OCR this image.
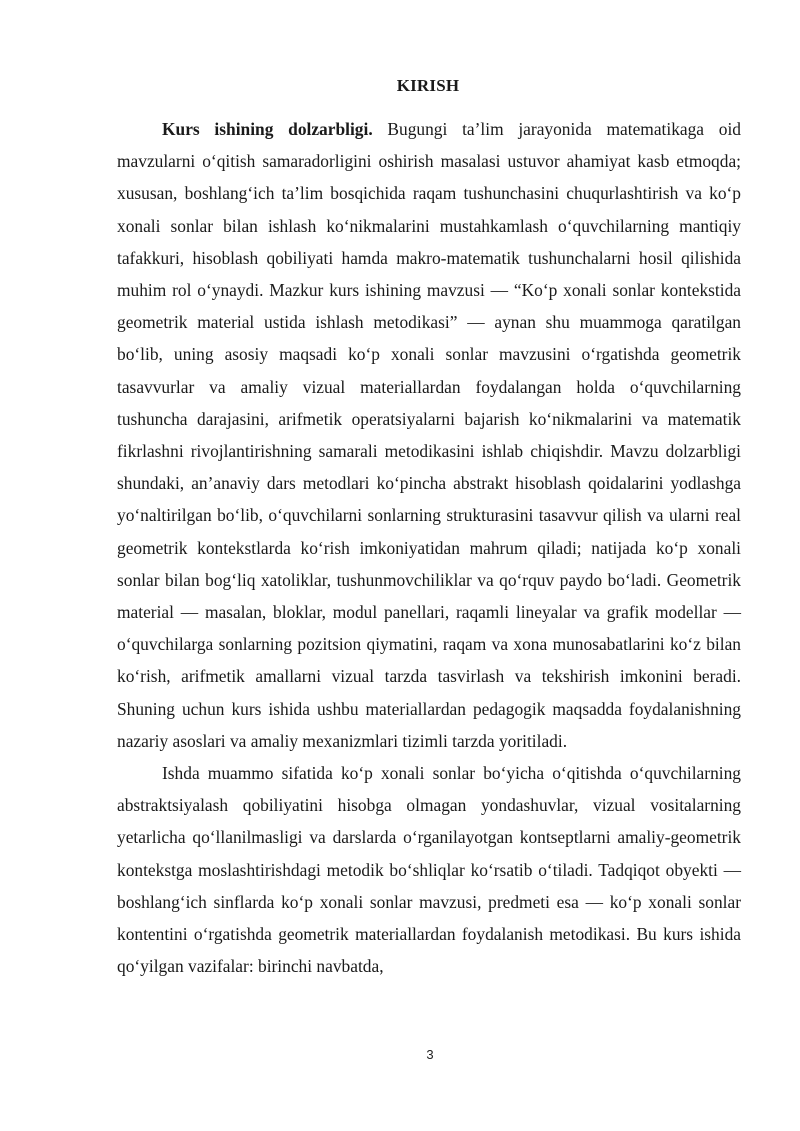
KIRISH

Kurs ishining dolzarbligi. Bugungi ta’lim jarayonida matematikaga oid mavzularni o‘qitish samaradorligini oshirish masalasi ustuvor ahamiyat kasb etmoqda; xususan, boshlang‘ich ta’lim bosqichida raqam tushunchasini chuqurlashtirish va ko‘p xonali sonlar bilan ishlash ko‘nikmalarini mustahkamlash o‘quvchilarning mantiqiy tafakkuri, hisoblash qobiliyati hamda makro-matematik tushunchalarni hosil qilishida muhim rol o‘ynaydi. Mazkur kurs ishining mavzusi — “Ko‘p xonali sonlar kontekstida geometrik material ustida ishlash metodikasi” — aynan shu muammoga qaratilgan bo‘lib, uning asosiy maqsadi ko‘p xonali sonlar mavzusini o‘rgatishda geometrik tasavvurlar va amaliy vizual materiallardan foydalangan holda o‘quvchilarning tushuncha darajasini, arifmetik operatsiyalarni bajarish ko‘nikmalarini va matematik fikrlashni rivojlantirishning samarali metodikasini ishlab chiqishdir. Mavzu dolzarbligi shundaki, an’anaviy dars metodlari ko‘pincha abstrakt hisoblash qoidalarini yodlashga yo‘naltirilgan bo‘lib, o‘quvchilarni sonlarning strukturasini tasavvur qilish va ularni real geometrik kontekstlarda ko‘rish imkoniyatidan mahrum qiladi; natijada ko‘p xonali sonlar bilan bog‘liq xatoliklar, tushunmovchiliklar va qo‘rquv paydo bo‘ladi. Geometrik material — masalan, bloklar, modul panellari, raqamli lineyalar va grafik modellar — o‘quvchilarga sonlarning pozitsion qiymatini, raqam va xona munosabatlarini ko‘z bilan ko‘rish, arifmetik amallarni vizual tarzda tasvirlash va tekshirish imkonini beradi. Shuning uchun kurs ishida ushbu materiallardan pedagogik maqsadda foydalanishning nazariy asoslari va amaliy mexanizmlari tizimli tarzda yoritiladi.

Ishda muammo sifatida ko‘p xonali sonlar bo‘yicha o‘qitishda o‘quvchilarning abstraktsiyalash qobiliyatini hisobga olmagan yondashuvlar, vizual vositalarning yetarlicha qo‘llanilmasligi va darslarda o‘rganilayotgan kontseptlarni amaliy-geometrik kontekstga moslashtirishdagi metodik bo‘shliqlar ko‘rsatib o‘tiladi. Tadqiqot obyekti — boshlang‘ich sinflarda ko‘p xonali sonlar mavzusi, predmeti esa — ko‘p xonali sonlar kontentini o‘rgatishda geometrik materiallardan foydalanish metodikasi. Bu kurs ishida qo‘yilgan vazifalar: birinchi navbatda,

3
